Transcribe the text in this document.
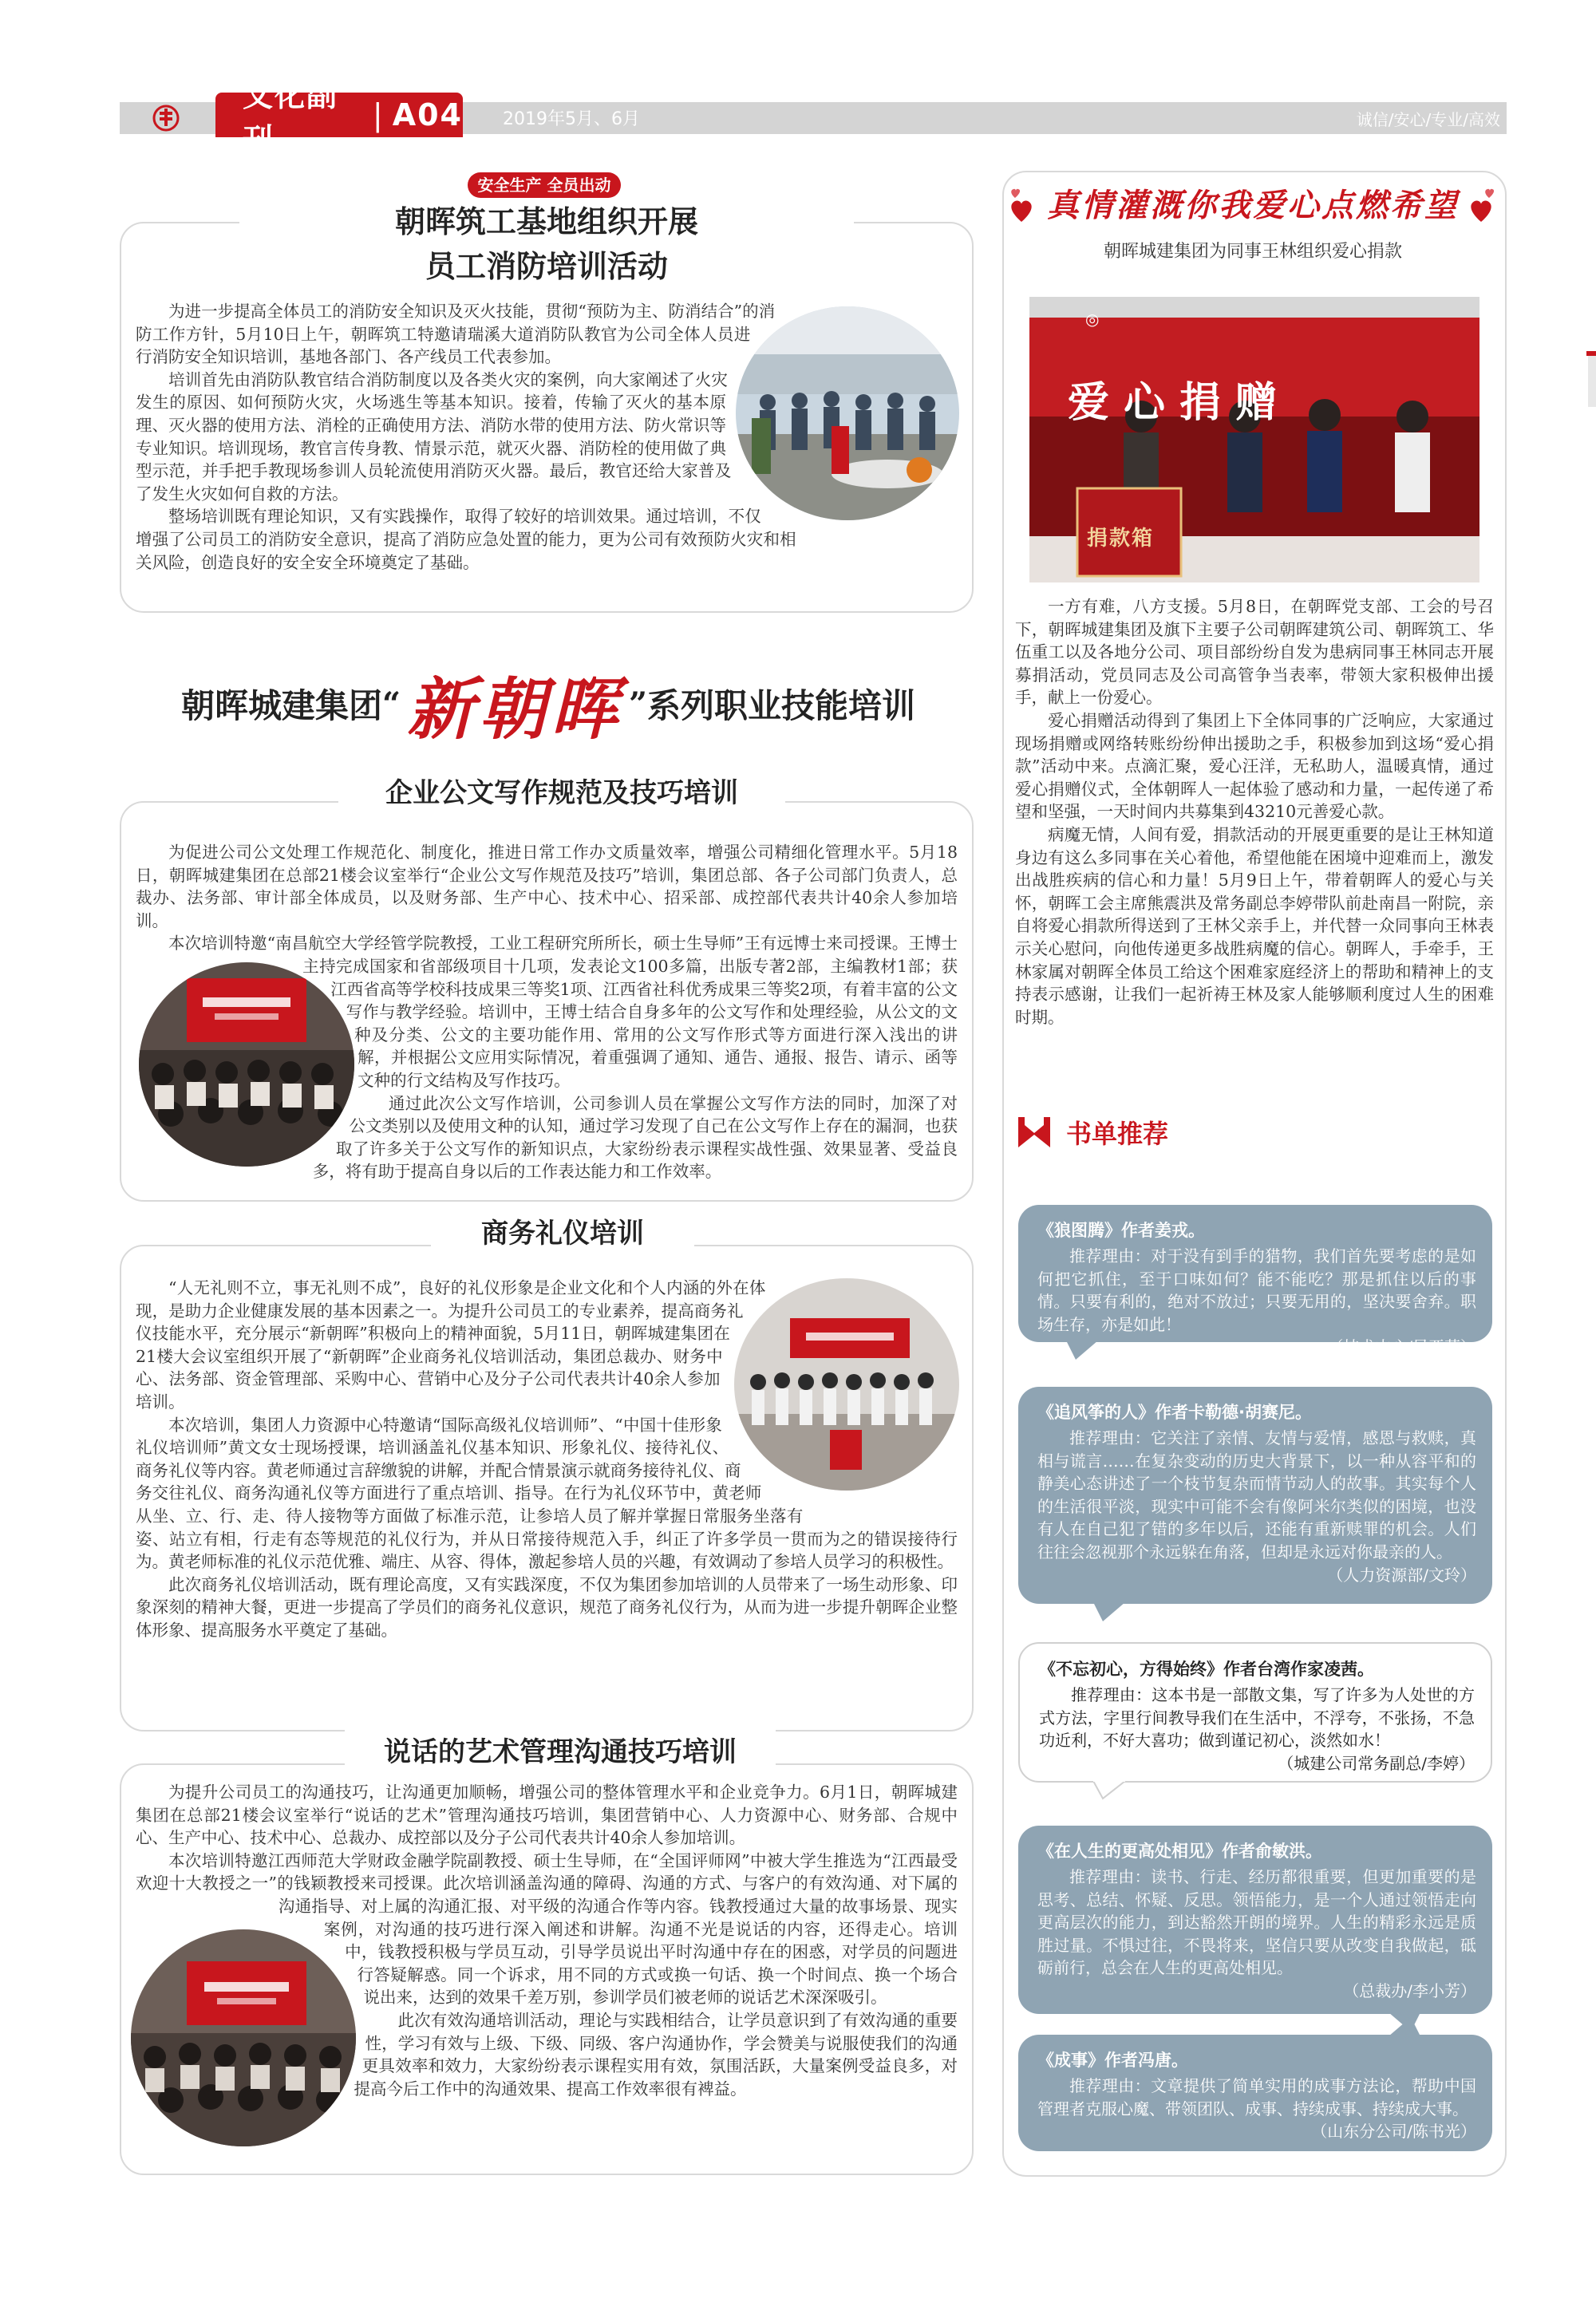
文化副刊
| A04 2019年5月、6月	诚信/安心/专业/高效
安全生产 全员出动
朝晖筑工基地组织开展
员工消防培训活动

为进一步提高全体员工的消防安全知识及灭火技能，贯彻“预防为主、防消结合”的消防工作方针，5月10日上午，朝晖筑工特邀请瑞溪大道消防队教官为公司全体人员进行消防安全知识培训，基地各部门、各产线员工代表参加。

培训首先由消防队教官结合消防制度以及各类火灾的案例，向大家阐述了火灾发生的原因、如何预防火灾，火场逃生等基本知识。接着，传输了灭火的基本原理、灭火器的使用方法、消栓的正确使用方法、消防水带的使用方法、防火常识等专业知识。培训现场，教官言传身教、情景示范，就灭火器、消防栓的使用做了典型示范，并手把手教现场参训人员轮流使用消防灭火器。最后，教官还给大家普及了发生火灾如何自救的方法。

整场培训既有理论知识，又有实践操作，取得了较好的培训效果。通过培训，不仅增强了公司员工的消防安全意识，提高了消防应急处置的能力，更为公司有效预防火灾和相关风险，创造良好的安全安全环境奠定了基础。

朝晖城建集团 “ 新朝晖 ” 系列职业技能培训
企业公文写作规范及技巧培训

为促进公司公文处理工作规范化、制度化，推进日常工作办文质量效率，增强公司精细化管理水平。5月18日，朝晖城建集团在总部21楼会议室举行“企业公文写作规范及技巧”培训，集团总部、各子公司部门负责人，总裁办、法务部、审计部全体成员，以及财务部、生产中心、技术中心、招采部、成控部代表共计40余人参加培训。

本次培训特邀“南昌航空大学经管学院教授，工业工程研究所所长，硕士生导师”王有远博士来司授课。王博士主持完成国家和省部级项目十几项，发表论文100多篇，出版专著2部，主编教材1部；获江西省高等学校科技成果三等奖1项、江西省社科优秀成果三等奖2项，有着丰富的公文写作与教学经验。培训中，王博士结合自身多年的公文写作和处理经验，从公文的文种及分类、公文的主要功能作用、常用的公文写作形式等方面进行深入浅出的讲解，并根据公文应用实际情况，着重强调了通知、通告、通报、报告、请示、函等文种的行文结构及写作技巧。

通过此次公文写作培训，公司参训人员在掌握公文写作方法的同时，加深了对公文类别以及使用文种的认知，通过学习发现了自己在公文写作上存在的漏洞，也获取了许多关于公文写作的新知识点，大家纷纷表示课程实战性强、效果显著、受益良多，将有助于提高自身以后的工作表达能力和工作效率。

商务礼仪培训

“人无礼则不立，事无礼则不成”，良好的礼仪形象是企业文化和个人内涵的外在体现，是助力企业健康发展的基本因素之一。为提升公司员工的专业素养，提高商务礼仪技能水平，充分展示“新朝晖”积极向上的精神面貌，5月11日，朝晖城建集团在21楼大会议室组织开展了“新朝晖”企业商务礼仪培训活动，集团总裁办、财务中心、法务部、资金管理部、采购中心、营销中心及分子公司代表共计40余人参加培训。

本次培训，集团人力资源中心特邀请“国际高级礼仪培训师”、“中国十佳形象礼仪培训师”黄文女士现场授课，培训涵盖礼仪基本知识、形象礼仪、接待礼仪、商务礼仪等内容。黄老师通过言辞缴貌的讲解，并配合情景演示就商务接待礼仪、商务交往礼仪、商务沟通礼仪等方面进行了重点培训、指导。在行为礼仪环节中，黄老师从坐、立、行、走、待人接物等方面做了标准示范，让参培人员了解并掌握日常服务坐落有姿、站立有相，行走有态等规范的礼仪行为，并从日常接待规范入手，纠正了许多学员一贯而为之的错误接待行为。黄老师标准的礼仪示范优雅、端庄、从容、得体，激起参培人员的兴趣，有效调动了参培人员学习的积极性。

此次商务礼仪培训活动，既有理论高度，又有实践深度，不仅为集团参加培训的人员带来了一场生动形象、印象深刻的精神大餐，更进一步提高了学员们的商务礼仪意识，规范了商务礼仪行为，从而为进一步提升朝晖企业整体形象、提高服务水平奠定了基础。

说话的艺术管理沟通技巧培训

为提升公司员工的沟通技巧，让沟通更加顺畅，增强公司的整体管理水平和企业竞争力。6月1日，朝晖城建集团在总部21楼会议室举行“说话的艺术”管理沟通技巧培训，集团营销中心、人力资源中心、财务部、合规中心、生产中心、技术中心、总裁办、成控部以及分子公司代表共计40余人参加培训。

本次培训特邀江西师范大学财政金融学院副教授、硕士生导师，在“全国评师网”中被大学生推选为“江西最受欢迎十大教授之一”的钱颖教授来司授课。此次培训涵盖沟通的障碍、沟通的方式、与客户的有效沟通、对下属的沟通指导、对上属的沟通汇报、对平级的沟通合作等内容。钱教授通过大量的故事场景、现实案例，对沟通的技巧进行深入阐述和讲解。沟通不光是说话的内容，还得走心。培训中，钱教授积极与学员互动，引导学员说出平时沟通中存在的困惑，对学员的问题进行答疑解惑。同一个诉求，用不同的方式或换一句话、换一个时间点、换一个场合说出来，达到的效果千差万别，参训学员们被老师的说话艺术深深吸引。

此次有效沟通培训活动，理论与实践相结合，让学员意识到了有效沟通的重要性，学习有效与上级、下级、同级、客户沟通协作，学会赞美与说服使我们的沟通更具效率和效力，大家纷纷表示课程实用有效，氛围活跃，大量案例受益良多，对提高今后工作中的沟通效果、提高工作效率很有裨益。

真情灌溉你我爱心点燃希望
朝晖城建集团为同事王林组织爱心捐款
◎
爱心捐赠
捐款箱

一方有难，八方支援。5月8日，在朝晖党支部、工会的号召下，朝晖城建集团及旗下主要子公司朝晖建筑公司、朝晖筑工、华伍重工以及各地分公司、项目部纷纷自发为患病同事王林同志开展募捐活动，党员同志及公司高管争当表率，带领大家积极伸出援手，献上一份爱心。

爱心捐赠活动得到了集团上下全体同事的广泛响应，大家通过现场捐赠或网络转账纷纷伸出援助之手，积极参加到这场“爱心捐款”活动中来。点滴汇聚，爱心汪洋，无私助人，温暖真情，通过爱心捐赠仪式，全体朝晖人一起体验了感动和力量，一起传递了希望和坚强，一天时间内共募集到43210元善爱心款。

病魔无情，人间有爱，捐款活动的开展更重要的是让王林知道身边有这么多同事在关心着他，希望他能在困境中迎难而上，激发出战胜疾病的信心和力量！5月9日上午，带着朝晖人的爱心与关怀，朝晖工会主席熊震洪及常务副总李婷带队前赴南昌一附院，亲自将爱心捐款所得送到了王林父亲手上，并代替一众同事向王林表示关心慰问，向他传递更多战胜病魔的信心。朝晖人，手牵手，王林家属对朝晖全体员工给这个困难家庭经济上的帮助和精神上的支持表示感谢，让我们一起祈祷王林及家人能够顺利度过人生的困难时期。

书单推荐
《狼图腾》作者姜戎。

推荐理由：对于没有到手的猎物，我们首先要考虑的是如何把它抓住，至于口味如何？能不能吃？那是抓住以后的事情。只要有利的，绝对不放过；只要无用的，坚决要舍弃。职场生存，亦是如此！

（技术中心/吴亚荣）

《追风筝的人》作者卡勒德·胡赛尼。

推荐理由：它关注了亲情、友情与爱情，感恩与救赎，真相与谎言……在复杂变动的历史大背景下，以一种从容平和的静美心态讲述了一个枝节复杂而情节动人的故事。其实每个人的生活很平淡，现实中可能不会有像阿米尔类似的困境，也没有人在自己犯了错的多年以后，还能有重新赎罪的机会。人们往往会忽视那个永远躲在角落，但却是永远对你最亲的人。

（人力资源部/文玲）

《不忘初心，方得始终》作者台湾作家凌茜。

推荐理由：这本书是一部散文集，写了许多为人处世的方式方法，字里行间教导我们在生活中，不浮夸，不张扬，不急功近利，不好大喜功；做到谨记初心，淡然如水！

（城建公司常务副总/李婷）

《在人生的更高处相见》作者俞敏洪。

推荐理由：读书、行走、经历都很重要，但更加重要的是思考、总结、怀疑、反思。领悟能力，是一个人通过领悟走向更高层次的能力，到达豁然开朗的境界。人生的精彩永远是质胜过量。不惧过往，不畏将来，坚信只要从改变自我做起，砥砺前行，总会在人生的更高处相见。

（总裁办/李小芳）

《成事》作者冯唐。

推荐理由：文章提供了简单实用的成事方法论，帮助中国管理者克服心魔、带领团队、成事、持续成事、持续成大事。

（山东分公司/陈书光）
